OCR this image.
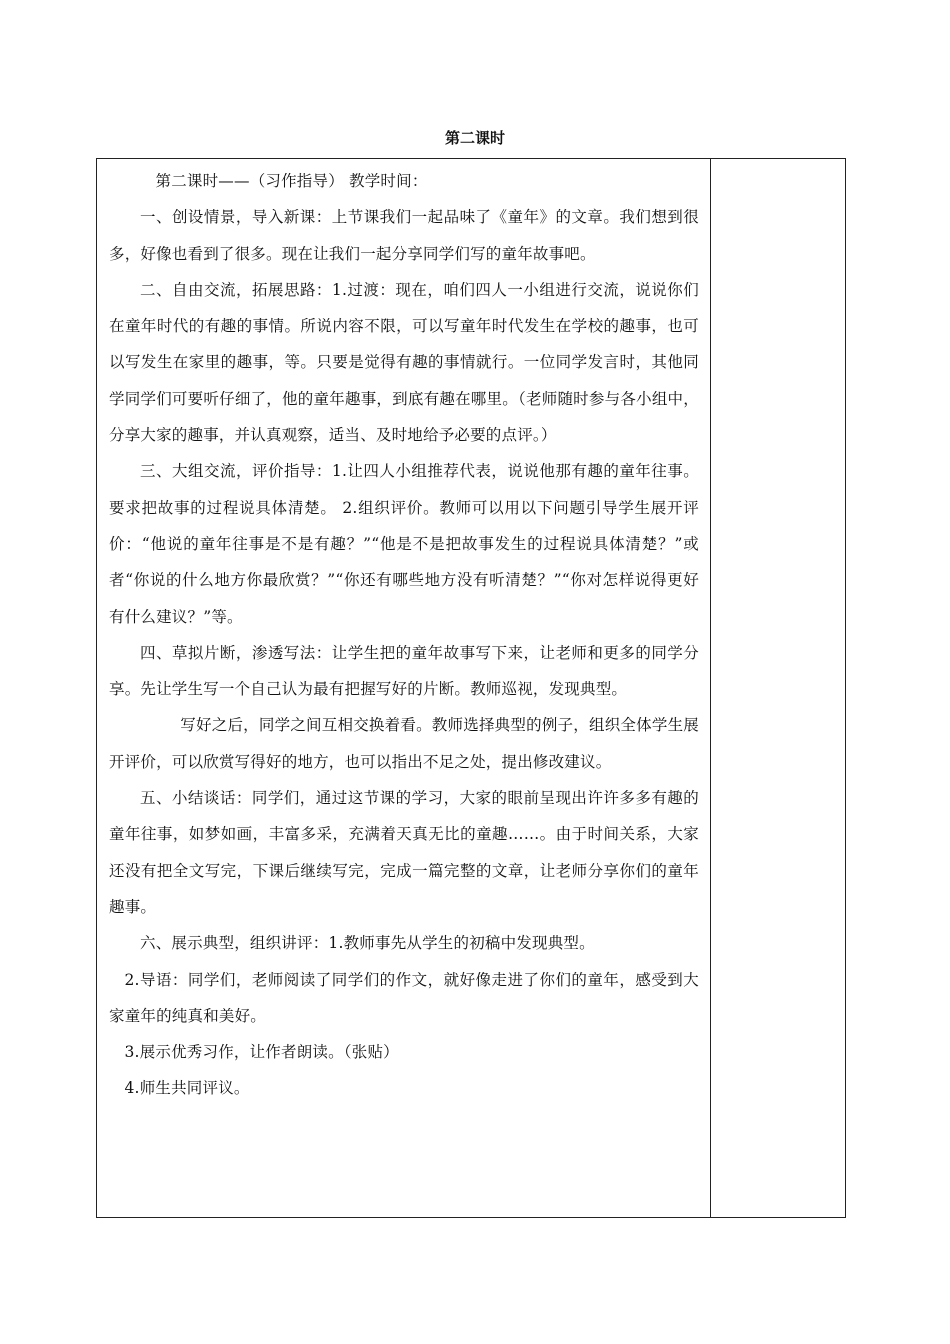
第二课时

第二课时——（习作指导） 教学时间：

一、创设情景，导入新课：上节课我们一起品味了《童年》的文章。我们想到很多，好像也看到了很多。现在让我们一起分享同学们写的童年故事吧。

二、自由交流，拓展思路：1.过渡：现在，咱们四人一小组进行交流，说说你们在童年时代的有趣的事情。所说内容不限，可以写童年时代发生在学校的趣事，也可以写发生在家里的趣事，等。只要是觉得有趣的事情就行。一位同学发言时，其他同学同学们可要听仔细了，他的童年趣事，到底有趣在哪里。（老师随时参与各小组中，分享大家的趣事，并认真观察，适当、及时地给予必要的点评。）

三、大组交流，评价指导：1.让四人小组推荐代表，说说他那有趣的童年往事。要求把故事的过程说具体清楚。 2.组织评价。教师可以用以下问题引导学生展开评价：“他说的童年往事是不是有趣？”“他是不是把故事发生的过程说具体清楚？”或者“你说的什么地方你最欣赏？”“你还有哪些地方没有听清楚？”“你对怎样说得更好有什么建议？”等。

四、草拟片断，渗透写法：让学生把的童年故事写下来，让老师和更多的同学分享。先让学生写一个自己认为最有把握写好的片断。教师巡视，发现典型。

写好之后，同学之间互相交换着看。教师选择典型的例子，组织全体学生展开评价，可以欣赏写得好的地方，也可以指出不足之处，提出修改建议。

五、小结谈话：同学们，通过这节课的学习，大家的眼前呈现出许许多多有趣的童年往事，如梦如画，丰富多采，充满着天真无比的童趣……。由于时间关系，大家还没有把全文写完，下课后继续写完，完成一篇完整的文章，让老师分享你们的童年趣事。

六、展示典型，组织讲评：1.教师事先从学生的初稿中发现典型。

2.导语：同学们，老师阅读了同学们的作文，就好像走进了你们的童年，感受到大家童年的纯真和美好。

3.展示优秀习作，让作者朗读。（张贴）

4.师生共同评议。
